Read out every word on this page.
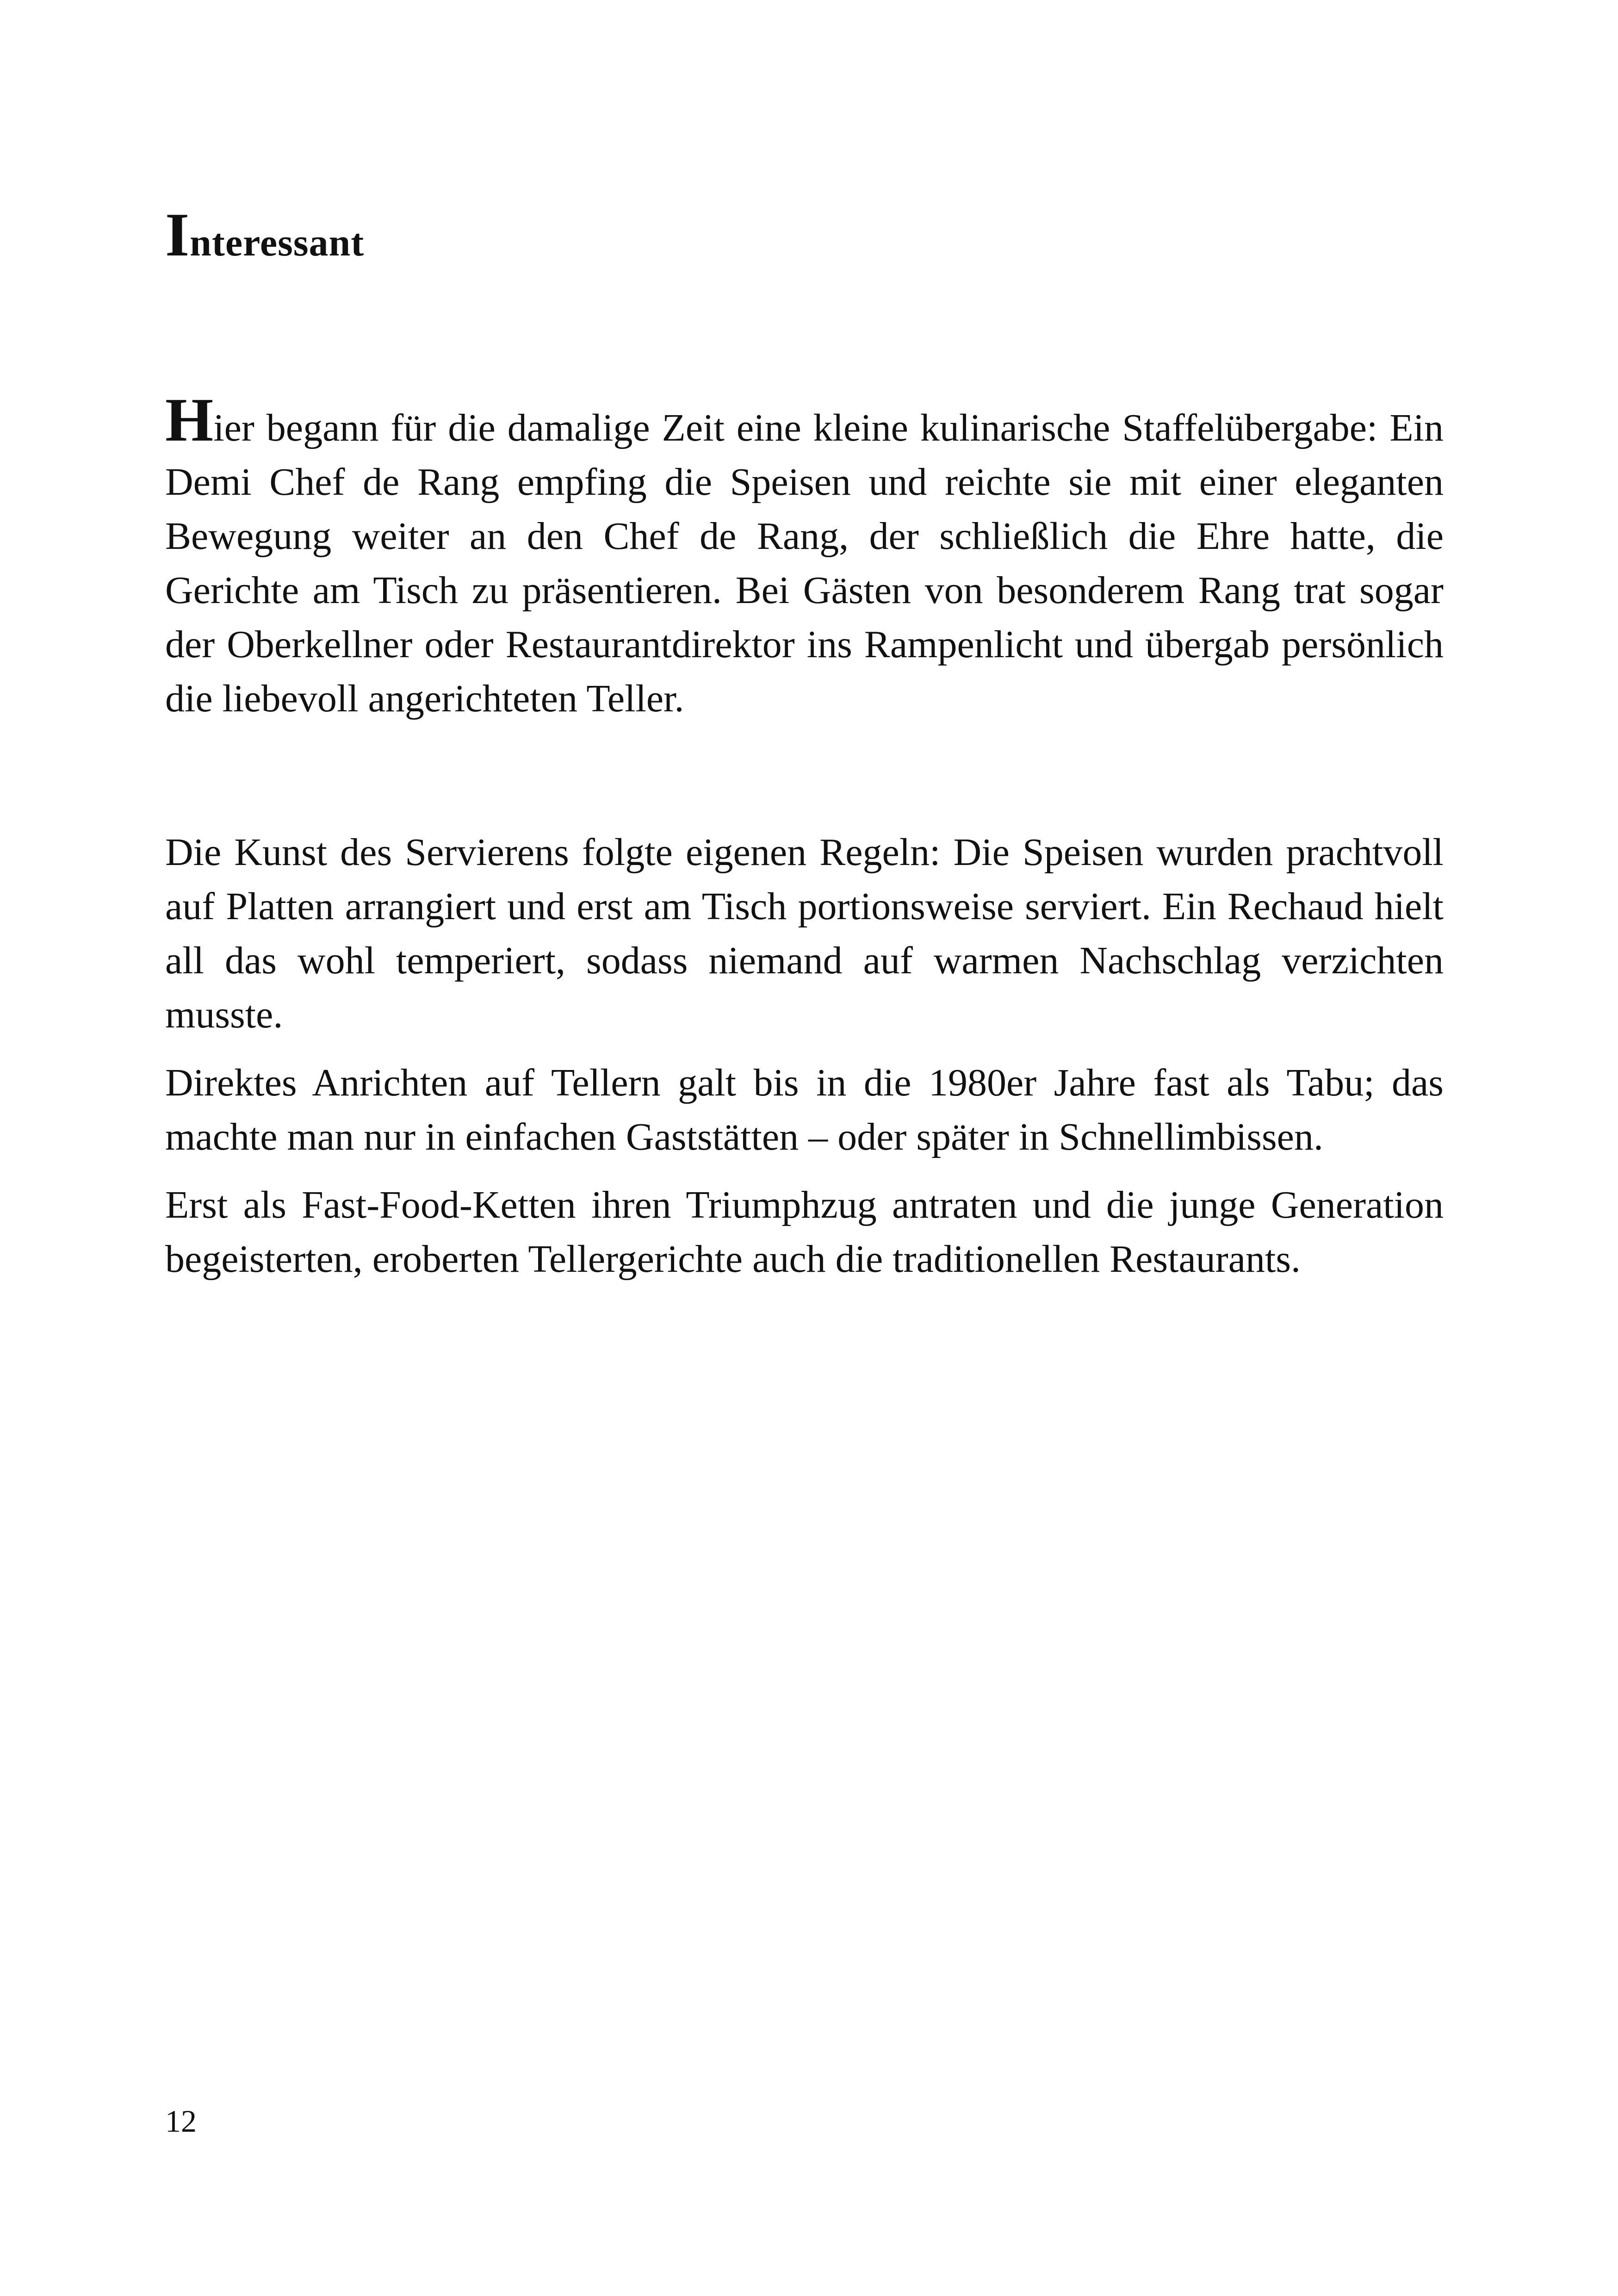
Interessant

Hier begann für die damalige Zeit eine kleine kulinarische Staffelübergabe: Ein Demi Chef de Rang empfing die Speisen und reichte sie mit einer eleganten Bewegung weiter an den Chef de Rang, der schließlich die Ehre hatte, die Gerichte am Tisch zu präsentieren. Bei Gästen von besonderem Rang trat sogar der Oberkellner oder Restaurantdirektor ins Rampenlicht und übergab persönlich die liebevoll angerichteten Teller.

Die Kunst des Servierens folgte eigenen Regeln: Die Speisen wurden prachtvoll auf Platten arrangiert und erst am Tisch portionsweise serviert. Ein Rechaud hielt all das wohl temperiert, sodass niemand auf warmen Nachschlag verzichten musste.

Direktes Anrichten auf Tellern galt bis in die 1980er Jahre fast als Tabu; das machte man nur in einfachen Gaststätten – oder später in Schnellimbissen.

Erst als Fast-Food-Ketten ihren Triumphzug antraten und die junge Generation begeisterten, eroberten Tellergerichte auch die traditionellen Restaurants.

12
